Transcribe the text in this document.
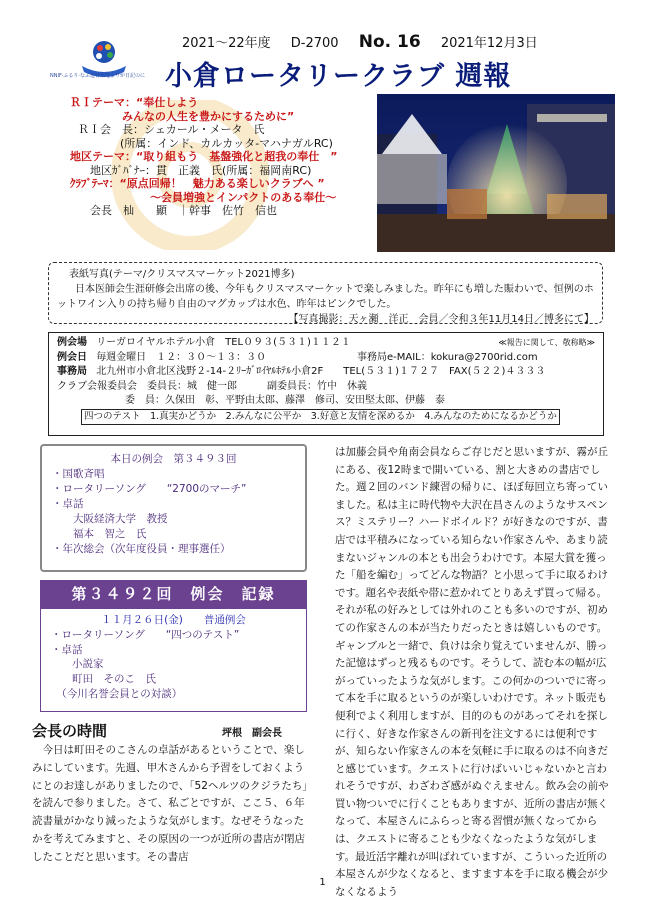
NNIF·ふるり·なふ連日祭地よりが日記のに
2021～22年度 D-2700 No. 16 2021年12月3日
小倉ロータリークラブ 週報
ＲＩテーマ：“奉仕しよう
みんなの人生を豊かにするために”
ＲＩ会　長：シェカール・メータ　氏
(所属：インド、カルカッタ-マハナガルRC)
地区テーマ：“取り組もう　基盤強化と超我の奉仕　”
地区ｶﾞﾊﾞﾅｰ：貫　正義　氏(所属：福岡南RC)
ｸﾗﾌﾞﾃｰﾏ：“原点回帰！　魅力ある楽しいクラブへ ”
～会員増強とインパクトのある奉仕～
会長　杣　　顯　｜幹事　佐竹　信也
表紙写真(テーマ/クリスマスマーケット2021博多)
日本医師会生涯研修会出席の後、今年もクリスマスマーケットで楽しみました。昨年にも増した賑わいで、恒例のホットワイン入りの持ち帰り自由のマグカップは水色、昨年はピンクでした。
【写真撮影：天ヶ瀬　洋正　会員／令和３年11月14日／博多にて】
例会場 リーガロイヤルホテル小倉　TEL０９３(５３１)１１２１	≪報告に関して、敬称略≫
例会日 毎週金曜日　１２：３０～１３：３０	事務局e-MAIL：kokura@2700rid.com
事務局 北九州市小倉北区浅野２-14-２ﾘｰｶﾞﾛｲﾔﾙﾎﾃﾙ小倉2F　　TEL(５３１)１７２７　FAX(５２２)４３３３
クラブ会報委員会　委員長：城　健一郎　　　副委員長：竹中　休義
委　員：久保田　彰、平野由太郎、藤澤　修司、安田堅太郎、伊藤　泰
四つのテスト　1.真実かどうか　2.みんなに公平か　3.好意と友情を深めるか　4.みんなのためになるかどうか
本日の例会　第３４９３回
・国歌斉唱
・ロータリーソング　　“2700のマーチ”
・卓話
　　大阪経済大学　教授
　　福本　智之　氏
・年次総会（次年度役員・理事選任）
第３４９２回　例会　記録
１１月２６日(金)　　普通例会
・ロータリーソング　　“四つのテスト”
・卓話
　　小説家
　　町田　そのこ　氏
　（今川名誉会員との対談）
会長の時間	坪根　副会長
今日は町田そのこさんの卓話があるということで、楽しみにしています。先週、甲木さんから予習をしておくようにとのお達しがありましたので、「52ヘルツのクジラたち」を読んで参りました。さて、私ごとですが、ここ５、６年読書量がかなり減ったような気がします。なぜそうなったかを考えてみますと、その原因の一つが近所の書店が閉店したことだと思います。その書店
は加藤会員や角南会員ならご存じだと思いますが、霧が丘にある、夜12時まで開いている、割と大きめの書店でした。週２回のバンド練習の帰りに、ほぼ毎回立ち寄っていました。私は主に時代物や大沢在昌さんのようなサスペンス？ミステリー？ハードボイルド？が好きなのですが、書店では平積みになっている知らない作家さんや、あまり読まないジャンルの本とも出会うわけです。本屋大賞を獲った「船を編む」ってどんな物語？と小思って手に取るわけです。題名や表紙や帯に惹かれてとりあえず買って帰る。それが私の好みとしては外れのことも多いのですが、初めての作家さんの本が当たりだったときは嬉しいものです。ギャンブルと一緒で、負けは余り覚えていませんが、勝った記憶はずっと残るものです。そうして、読む本の幅が広がっていったような気がします。この何かのついでに寄って本を手に取るというのが楽しいわけです。ネット販売も便利でよく利用しますが、目的のものがあってそれを探しに行く、好きな作家さんの新刊を注文するには便利ですが、知らない作家さんの本を気軽に手に取るのは不向きだと感じています。クエストに行けばいいじゃないかと言われそうですが、わざわざ感がぬぐえません。飲み会の前や買い物ついでに行くこともありますが、近所の書店が無くなって、本屋さんにふらっと寄る習慣が無くなってからは、クエストに寄ることも少なくなったような気がします。最近活字離れが叫ばれていますが、こういった近所の本屋さんが少なくなると、ますます本を手に取る機会が少なくなるよう
1
